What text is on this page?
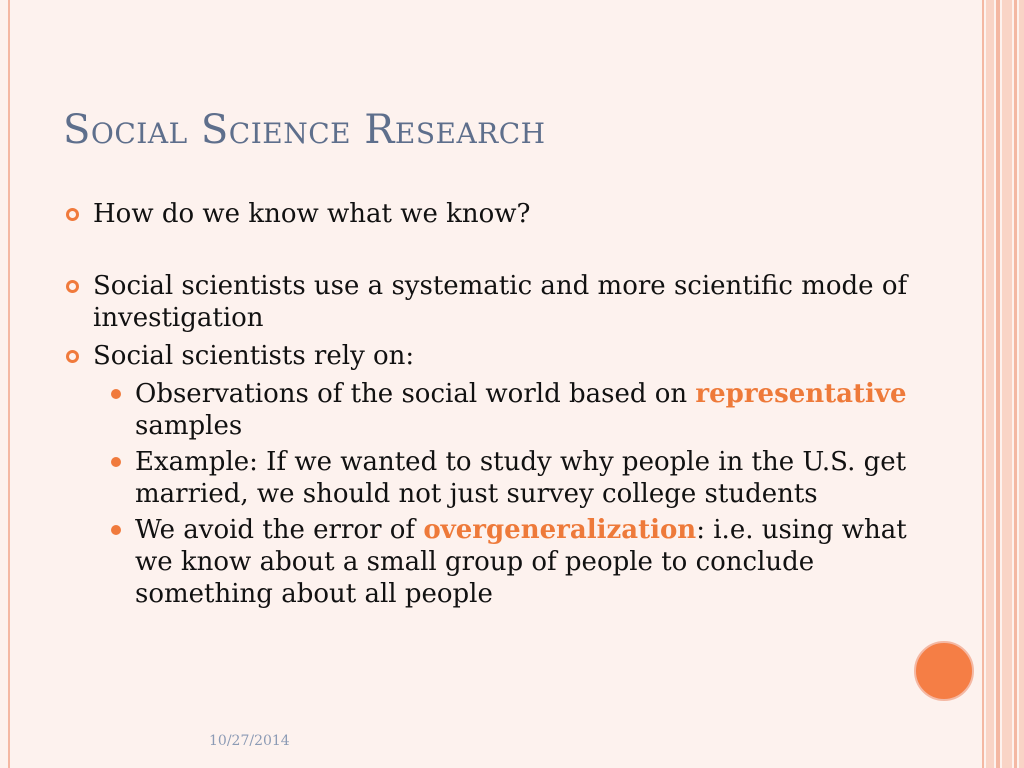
Social Science Research
How do we know what we know?
Social scientists use a systematic and more scientific mode of investigation
Social scientists rely on:
Observations of the social world based on representative samples
Example: If we wanted to study why people in the U.S. get married, we should not just survey college students
We avoid the error of overgeneralization: i.e. using what we know about a small group of people to conclude something about all people
10/27/2014
